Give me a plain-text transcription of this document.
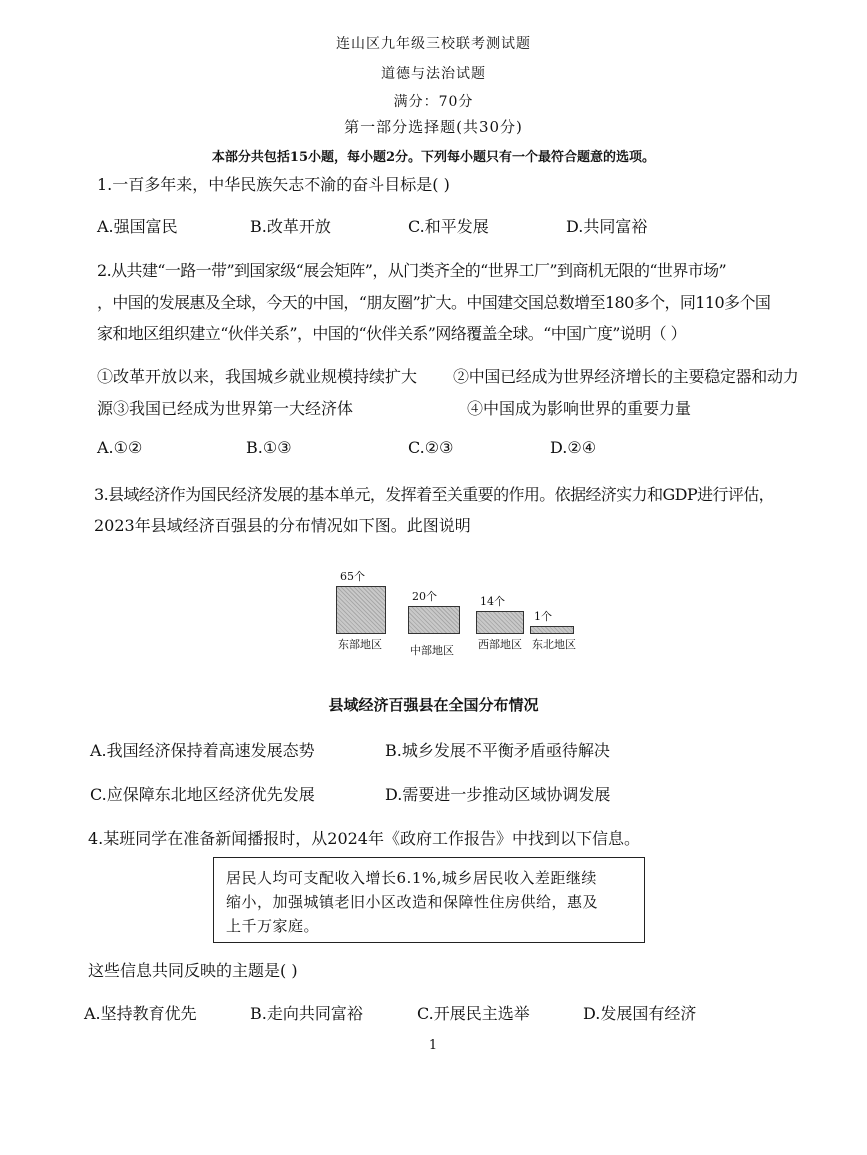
连山区九年级三校联考测试题
道德与法治试题
满分：70分
第一部分选择题(共30分)
本部分共包括15小题，每小题2分。下列每小题只有一个最符合题意的选项。
1.一百多年来，中华民族矢志不渝的奋斗目标是( )
A.强国富民	B.改革开放	C.和平发展	D.共同富裕
2.从共建“一路一带”到国家级“展会矩阵”，从门类齐全的“世界工厂”到商机无限的“世界市场”
，中国的发展惠及全球，今天的中国，“朋友圈”扩大。中国建交国总数增至180多个，同110多个国
家和地区组织建立“伙伴关系”，中国的“伙伴关系”网络覆盖全球。“中国广度”说明（ ）
①改革开放以来，我国城乡就业规模持续扩大 ②中国已经成为世界经济增长的主要稳定器和动力
源③我国已经成为世界第一大经济体	④中国成为影响世界的重要力量
A.①②	B.①③	C.②③	D.②④
3.县域经济作为国民经济发展的基本单元，发挥着至关重要的作用。依据经济实力和GDP进行评估，
2023年县域经济百强县的分布情况如下图。此图说明
65个
东部地区
20个
中部地区
14个
西部地区
1个
东北地区
县域经济百强县在全国分布情况
A.我国经济保持着高速发展态势	B.城乡发展不平衡矛盾亟待解决
C.应保障东北地区经济优先发展	D.需要进一步推动区域协调发展
4.某班同学在准备新闻播报时，从2024年《政府工作报告》中找到以下信息。
居民人均可支配收入增长6.1%,城乡居民收入差距继续
缩小，加强城镇老旧小区改造和保障性住房供给，惠及
上千万家庭。
这些信息共同反映的主题是( )
A.坚持教育优先	B.走向共同富裕	C.开展民主选举	D.发展国有经济
1
